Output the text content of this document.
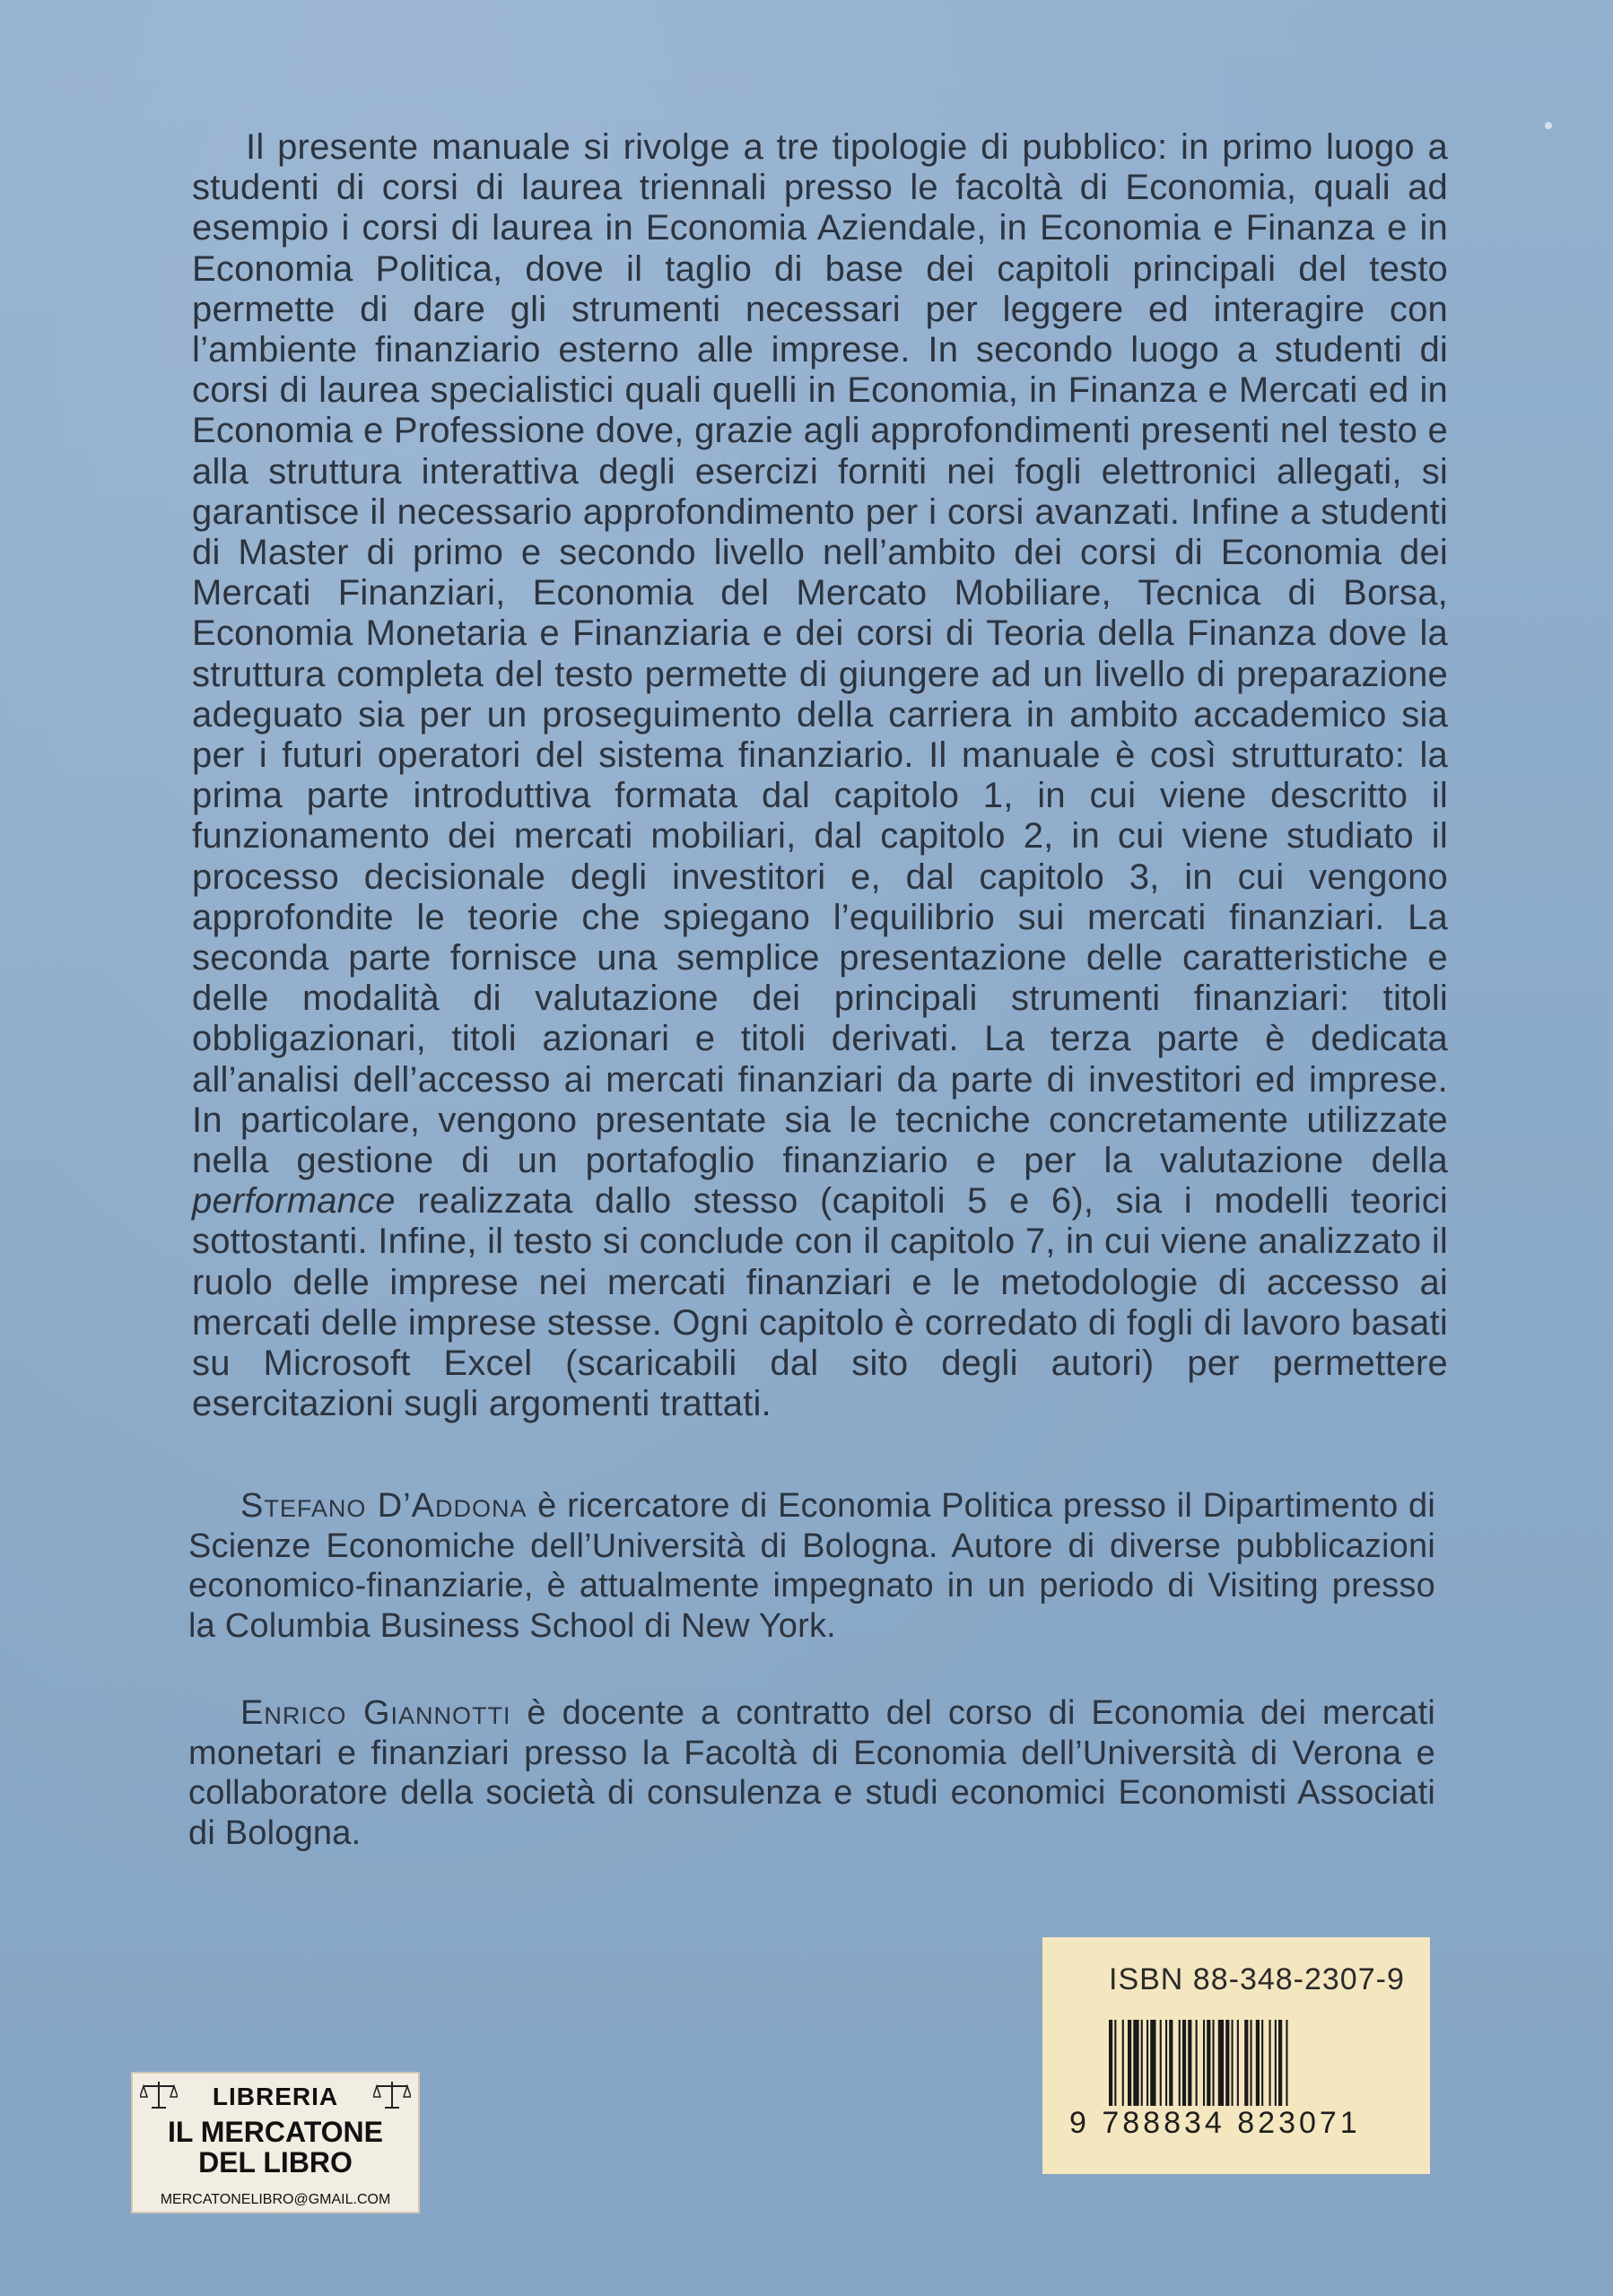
Il presente manuale si rivolge a tre tipologie di pubblico: in primo luogo a studenti di corsi di laurea triennali presso le facoltà di Economia, quali ad esempio i corsi di laurea in Economia Aziendale, in Economia e Finanza e in Economia Politica, dove il taglio di base dei capitoli principali del testo permette di dare gli strumenti necessari per leggere ed interagire con l’ambiente finanziario esterno alle imprese. In secondo luogo a studenti di corsi di laurea specialistici quali quelli in Economia, in Finanza e Mercati ed in Economia e Professione dove, grazie agli approfondimenti presenti nel testo e alla struttura interattiva degli esercizi forniti nei fogli elettronici allegati, si garantisce il necessario approfondimento per i corsi avanzati. Infine a studenti di Master di primo e secondo livello nell’ambito dei corsi di Economia dei Mercati Finanziari, Economia del Mercato Mobiliare, Tecnica di Borsa, Economia Monetaria e Finanziaria e dei corsi di Teoria della Finanza dove la struttura completa del testo permette di giungere ad un livello di preparazione adeguato sia per un proseguimento della carriera in ambito accademico sia per i futuri operatori del sistema finanziario. Il manuale è così strutturato: la prima parte introduttiva formata dal capitolo 1, in cui viene descritto il funzionamento dei mercati mobiliari, dal capitolo 2, in cui viene studiato il processo decisionale degli investitori e, dal capitolo 3, in cui vengono approfondite le teorie che spiegano l’equilibrio sui mercati finanziari. La seconda parte fornisce una semplice presentazione delle caratteristiche e delle modalità di valutazione dei principali strumenti finanziari: titoli obbligazionari, titoli azionari e titoli derivati. La terza parte è dedicata all’analisi dell’accesso ai mercati finanziari da parte di investitori ed imprese. In particolare, vengono presentate sia le tecniche concretamente utilizzate nella gestione di un portafoglio finanziario e per la valutazione della performance realizzata dallo stesso (capitoli 5 e 6), sia i modelli teorici sottostanti. Infine, il testo si conclude con il capitolo 7, in cui viene analizzato il ruolo delle imprese nei mercati finanziari e le metodologie di accesso ai mercati delle imprese stesse. Ogni capitolo è corredato di fogli di lavoro basati su Microsoft Excel (scaricabili dal sito degli autori) per permettere esercitazioni sugli argomenti trattati.

Stefano D’Addona è ricercatore di Economia Politica presso il Dipartimento di Scienze Economiche dell’Università di Bologna. Autore di diverse pubblicazioni economico-finanziarie, è attualmente impegnato in un periodo di Visiting presso la Columbia Business School di New York.

Enrico Giannotti è docente a contratto del corso di Economia dei mercati monetari e finanziari presso la Facoltà di Economia dell’Università di Verona e collaboratore della società di consulenza e studi economici Economisti Associati di Bologna.

ISBN 88-348-2307-9
9 788834 823071
LIBRERIA
IL MERCATONE
DEL LIBRO
MERCATONELIBRO@GMAIL.COM
